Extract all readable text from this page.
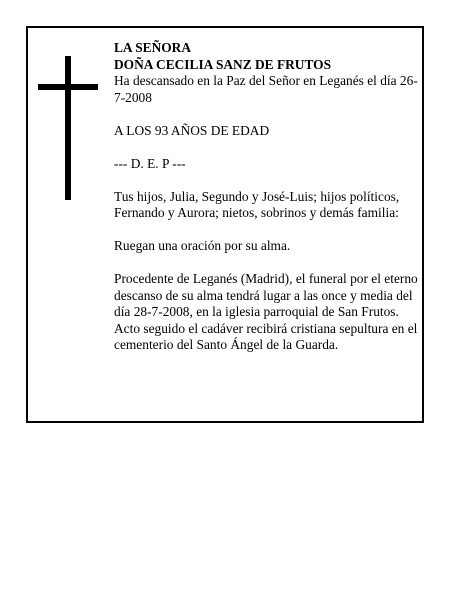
LA SEÑORA

DOÑA CECILIA SANZ DE FRUTOS

Ha descansado en la Paz del Señor en Leganés el día 26-7-2008

A LOS 93 AÑOS DE EDAD

--- D. E. P ---

Tus hijos, Julia, Segundo y José-Luis; hijos políticos, Fernando y Aurora; nietos, sobrinos y demás familia:

Ruegan una oración por su alma.

Procedente de Leganés (Madrid), el funeral por el eterno descanso de su alma tendrá lugar a las once y media del día 28-7-2008, en la iglesia parroquial de San Frutos. Acto seguido el cadáver recibirá cristiana sepultura en el cementerio del Santo Ángel de la Guarda.
